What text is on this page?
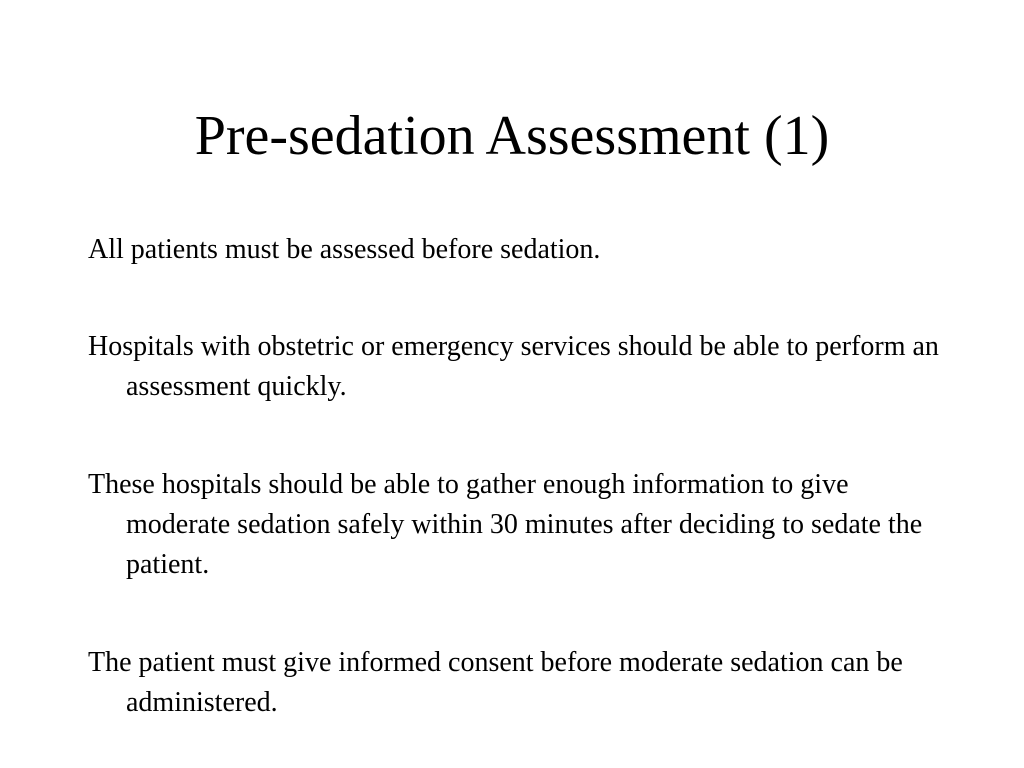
Pre-sedation Assessment (1)
All patients must be assessed before sedation.
Hospitals with obstetric or emergency services should be able to perform an assessment quickly.
These hospitals should be able to gather enough information to give moderate sedation safely within 30 minutes after deciding to sedate the patient.
The patient must give informed consent before moderate sedation can be administered.
